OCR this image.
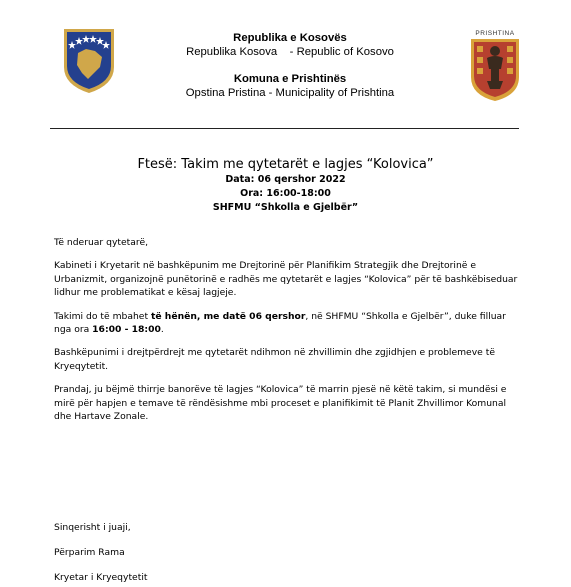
Republika e Kosovës
Republika Kosova    - Republic of Kosovo
Komuna e Prishtinës
Opstina Pristina - Municipality of Prishtina
PRISHTINA
Ftesë: Takim me qytetarët e lagjes “Kolovica”
Data: 06 qershor 2022
Ora: 16:00-18:00
SHFMU “Shkolla e Gjelbër”

Të nderuar qytetarë,

Kabineti i Kryetarit në bashkëpunim me Drejtorinë për Planifikim Strategjik dhe Drejtorinë e Urbanizmit, organizojnë punëtorinë e radhës me qytetarët e lagjes “Kolovica” për të bashkëbiseduar lidhur me problematikat e kësaj lagjeje.

Takimi do të mbahet të hënën, me datë 06 qershor, në SHFMU “Shkolla e Gjelbër”, duke filluar nga ora 16:00 - 18:00.

Bashkëpunimi i drejtpërdrejt me qytetarët ndihmon në zhvillimin dhe zgjidhjen e problemeve të Kryeqytetit.

Prandaj, ju bëjmë thirrje banorëve të lagjes “Kolovica” të marrin pjesë në këtë takim, si mundësi e mirë për hapjen e temave të rëndësishme mbi proceset e planifikimit të Planit Zhvillimor Komunal dhe Hartave Zonale.

Sinqerisht i juaji,

Përparim Rama

Kryetar i Kryeqytetit
